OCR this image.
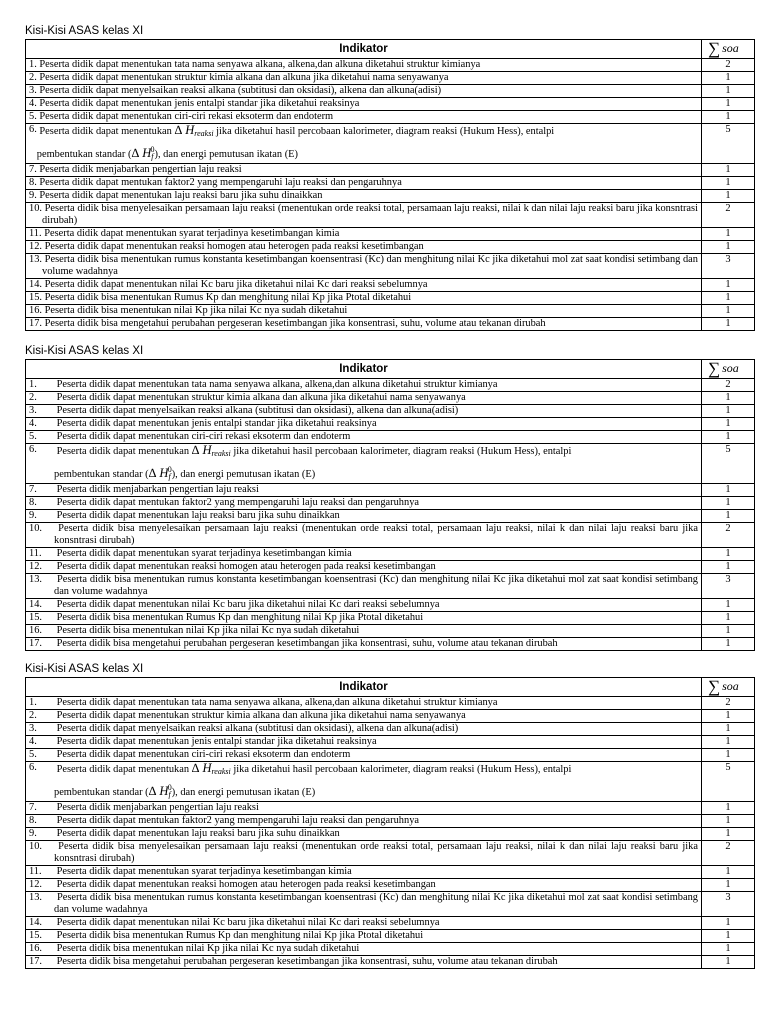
Kisi-Kisi ASAS kelas XI
Indikator	∑ soa

1. Peserta didik dapat menentukan tata nama senyawa alkana, alkena,dan alkuna diketahui struktur kimianya	2

2. Peserta didik dapat menentukan struktur kimia alkana dan alkuna jika diketahui nama senyawanya	1

3. Peserta didik dapat menyelsaikan reaksi alkana (subtitusi dan oksidasi), alkena dan alkuna(adisi)	1

4. Peserta didik dapat menentukan jenis entalpi standar jika diketahui reaksinya	1

5. Peserta didik dapat menentukan ciri-ciri rekasi eksoterm dan endoterm	1

6. Peserta didik dapat menentukan ∆ $H_{reaksi}$ jika diketahui hasil percobaan kalorimeter, diagram reaksi (Hukum Hess), entalpi
pembentukan standar (∆ $H_f^0$), dan energi pemutusan ikatan (E)	5

7. Peserta didik menjabarkan pengertian laju reaksi	1

8. Peserta didik dapat mentukan faktor2 yang mempengaruhi laju reaksi dan pengaruhnya	1

9. Peserta didik dapat menentukan laju reaksi baru jika suhu dinaikkan	1

10. Peserta didik bisa menyelesaikan persamaan laju reaksi (menentukan orde reaksi total, persamaan laju reaksi, nilai k dan nilai laju reaksi baru jika konsntrasi dirubah)	2

11. Peserta didik dapat menentukan syarat terjadinya kesetimbangan kimia	1

12. Peserta didik dapat menentukan reaksi homogen atau heterogen pada reaksi kesetimbangan	1

13. Peserta didik bisa menentukan rumus konstanta kesetimbangan koensentrasi (Kc) dan menghitung nilai Kc jika diketahui mol zat saat kondisi setimbang dan volume wadahnya	3

14. Peserta didik dapat menentukan nilai Kc baru jika diketahui nilai Kc dari reaksi sebelumnya	1

15. Peserta didik bisa menentukan Rumus Kp dan menghitung nilai Kp jika Ptotal diketahui	1

16. Peserta didik bisa menentukan nilai Kp jika nilai Kc nya sudah diketahui	1

17. Peserta didik bisa mengetahui perubahan pergeseran kesetimbangan jika konsentrasi, suhu, volume atau tekanan dirubah	1
Kisi-Kisi ASAS kelas XI
Indikator	∑ soa

1. Peserta didik dapat menentukan tata nama senyawa alkana, alkena,dan alkuna diketahui struktur kimianya	2

2. Peserta didik dapat menentukan struktur kimia alkana dan alkuna jika diketahui nama senyawanya	1

3. Peserta didik dapat menyelsaikan reaksi alkana (subtitusi dan oksidasi), alkena dan alkuna(adisi)	1

4. Peserta didik dapat menentukan jenis entalpi standar jika diketahui reaksinya	1

5. Peserta didik dapat menentukan ciri-ciri rekasi eksoterm dan endoterm	1

6. Peserta didik dapat menentukan ∆ $H_{reaksi}$ jika diketahui hasil percobaan kalorimeter, diagram reaksi (Hukum Hess), entalpi
pembentukan standar (∆ $H_f^0$), dan energi pemutusan ikatan (E)	5

7. Peserta didik menjabarkan pengertian laju reaksi	1

8. Peserta didik dapat mentukan faktor2 yang mempengaruhi laju reaksi dan pengaruhnya	1

9. Peserta didik dapat menentukan laju reaksi baru jika suhu dinaikkan	1

10. Peserta didik bisa menyelesaikan persamaan laju reaksi (menentukan orde reaksi total, persamaan laju reaksi, nilai k dan nilai laju reaksi baru jika konsntrasi dirubah)	2

11. Peserta didik dapat menentukan syarat terjadinya kesetimbangan kimia	1

12. Peserta didik dapat menentukan reaksi homogen atau heterogen pada reaksi kesetimbangan	1

13. Peserta didik bisa menentukan rumus konstanta kesetimbangan koensentrasi (Kc) dan menghitung nilai Kc jika diketahui mol zat saat kondisi setimbang dan volume wadahnya	3

14. Peserta didik dapat menentukan nilai Kc baru jika diketahui nilai Kc dari reaksi sebelumnya	1

15. Peserta didik bisa menentukan Rumus Kp dan menghitung nilai Kp jika Ptotal diketahui	1

16. Peserta didik bisa menentukan nilai Kp jika nilai Kc nya sudah diketahui	1

17. Peserta didik bisa mengetahui perubahan pergeseran kesetimbangan jika konsentrasi, suhu, volume atau tekanan dirubah	1
Kisi-Kisi ASAS kelas XI
Indikator	∑ soa

1. Peserta didik dapat menentukan tata nama senyawa alkana, alkena,dan alkuna diketahui struktur kimianya	2

2. Peserta didik dapat menentukan struktur kimia alkana dan alkuna jika diketahui nama senyawanya	1

3. Peserta didik dapat menyelsaikan reaksi alkana (subtitusi dan oksidasi), alkena dan alkuna(adisi)	1

4. Peserta didik dapat menentukan jenis entalpi standar jika diketahui reaksinya	1

5. Peserta didik dapat menentukan ciri-ciri rekasi eksoterm dan endoterm	1

6. Peserta didik dapat menentukan ∆ $H_{reaksi}$ jika diketahui hasil percobaan kalorimeter, diagram reaksi (Hukum Hess), entalpi
pembentukan standar (∆ $H_f^0$), dan energi pemutusan ikatan (E)	5

7. Peserta didik menjabarkan pengertian laju reaksi	1

8. Peserta didik dapat mentukan faktor2 yang mempengaruhi laju reaksi dan pengaruhnya	1

9. Peserta didik dapat menentukan laju reaksi baru jika suhu dinaikkan	1

10. Peserta didik bisa menyelesaikan persamaan laju reaksi (menentukan orde reaksi total, persamaan laju reaksi, nilai k dan nilai laju reaksi baru jika konsntrasi dirubah)	2

11. Peserta didik dapat menentukan syarat terjadinya kesetimbangan kimia	1

12. Peserta didik dapat menentukan reaksi homogen atau heterogen pada reaksi kesetimbangan	1

13. Peserta didik bisa menentukan rumus konstanta kesetimbangan koensentrasi (Kc) dan menghitung nilai Kc jika diketahui mol zat saat kondisi setimbang dan volume wadahnya	3

14. Peserta didik dapat menentukan nilai Kc baru jika diketahui nilai Kc dari reaksi sebelumnya	1

15. Peserta didik bisa menentukan Rumus Kp dan menghitung nilai Kp jika Ptotal diketahui	1

16. Peserta didik bisa menentukan nilai Kp jika nilai Kc nya sudah diketahui	1

17. Peserta didik bisa mengetahui perubahan pergeseran kesetimbangan jika konsentrasi, suhu, volume atau tekanan dirubah	1
